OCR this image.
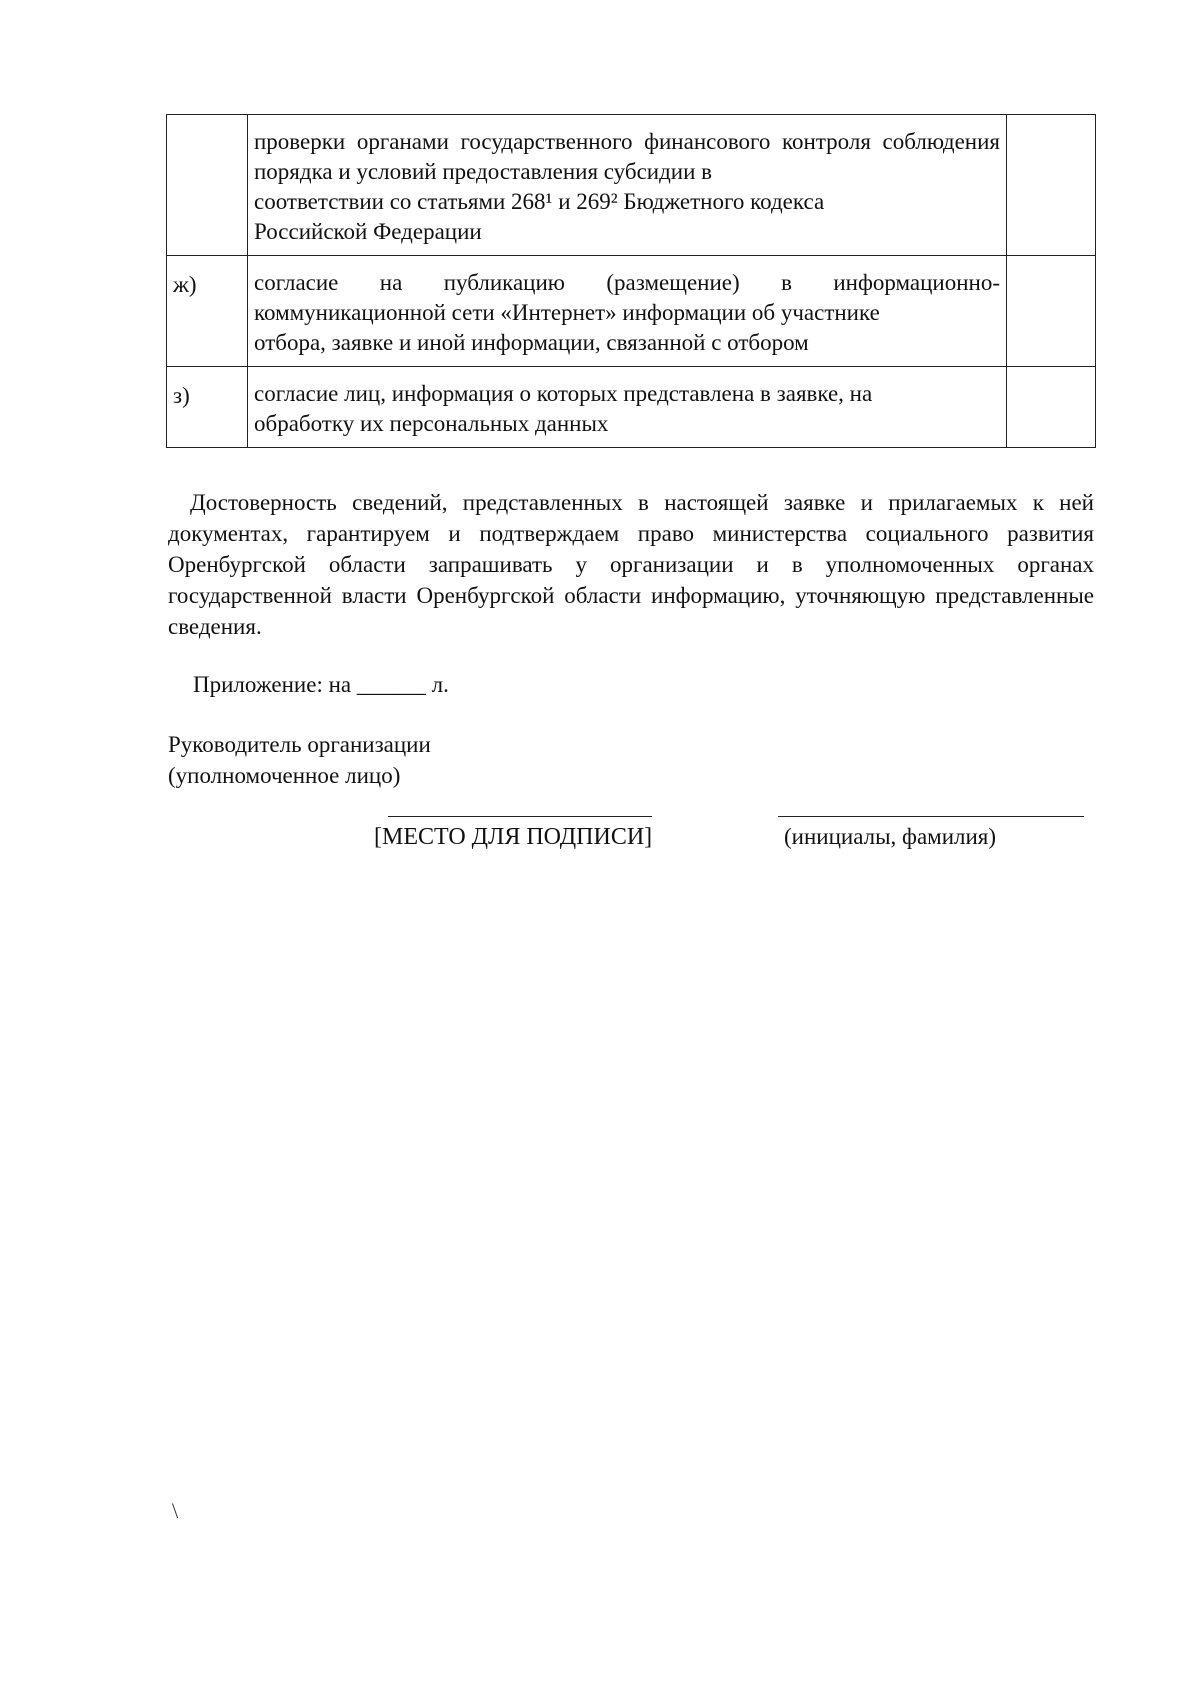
	проверки органами государственного финансового контроля соблюдения порядка и условий предоставления субсидии в
соответствии со статьями 268¹ и 269² Бюджетного кодекса
Российской Федерации	

ж)	согласие на публикацию (размещение) в информационно-коммуникационной сети «Интернет» информации об участнике
отбора, заявке и иной информации, связанной с отбором	

з)	согласие лиц, информация о которых представлена в заявке, на
обработку их персональных данных	

Достоверность сведений, представленных в настоящей заявке и прилагаемых к ней документах, гарантируем и подтверждаем право министерства социального развития Оренбургской области запрашивать у организации и в уполномоченных органах государственной власти Оренбургской области информацию, уточняющую представленные сведения.

Приложение: на ______ л.
Руководитель организации
(уполномоченное лицо)
[МЕСТО ДЛЯ ПОДПИСИ]	(инициалы, фамилия)
\
